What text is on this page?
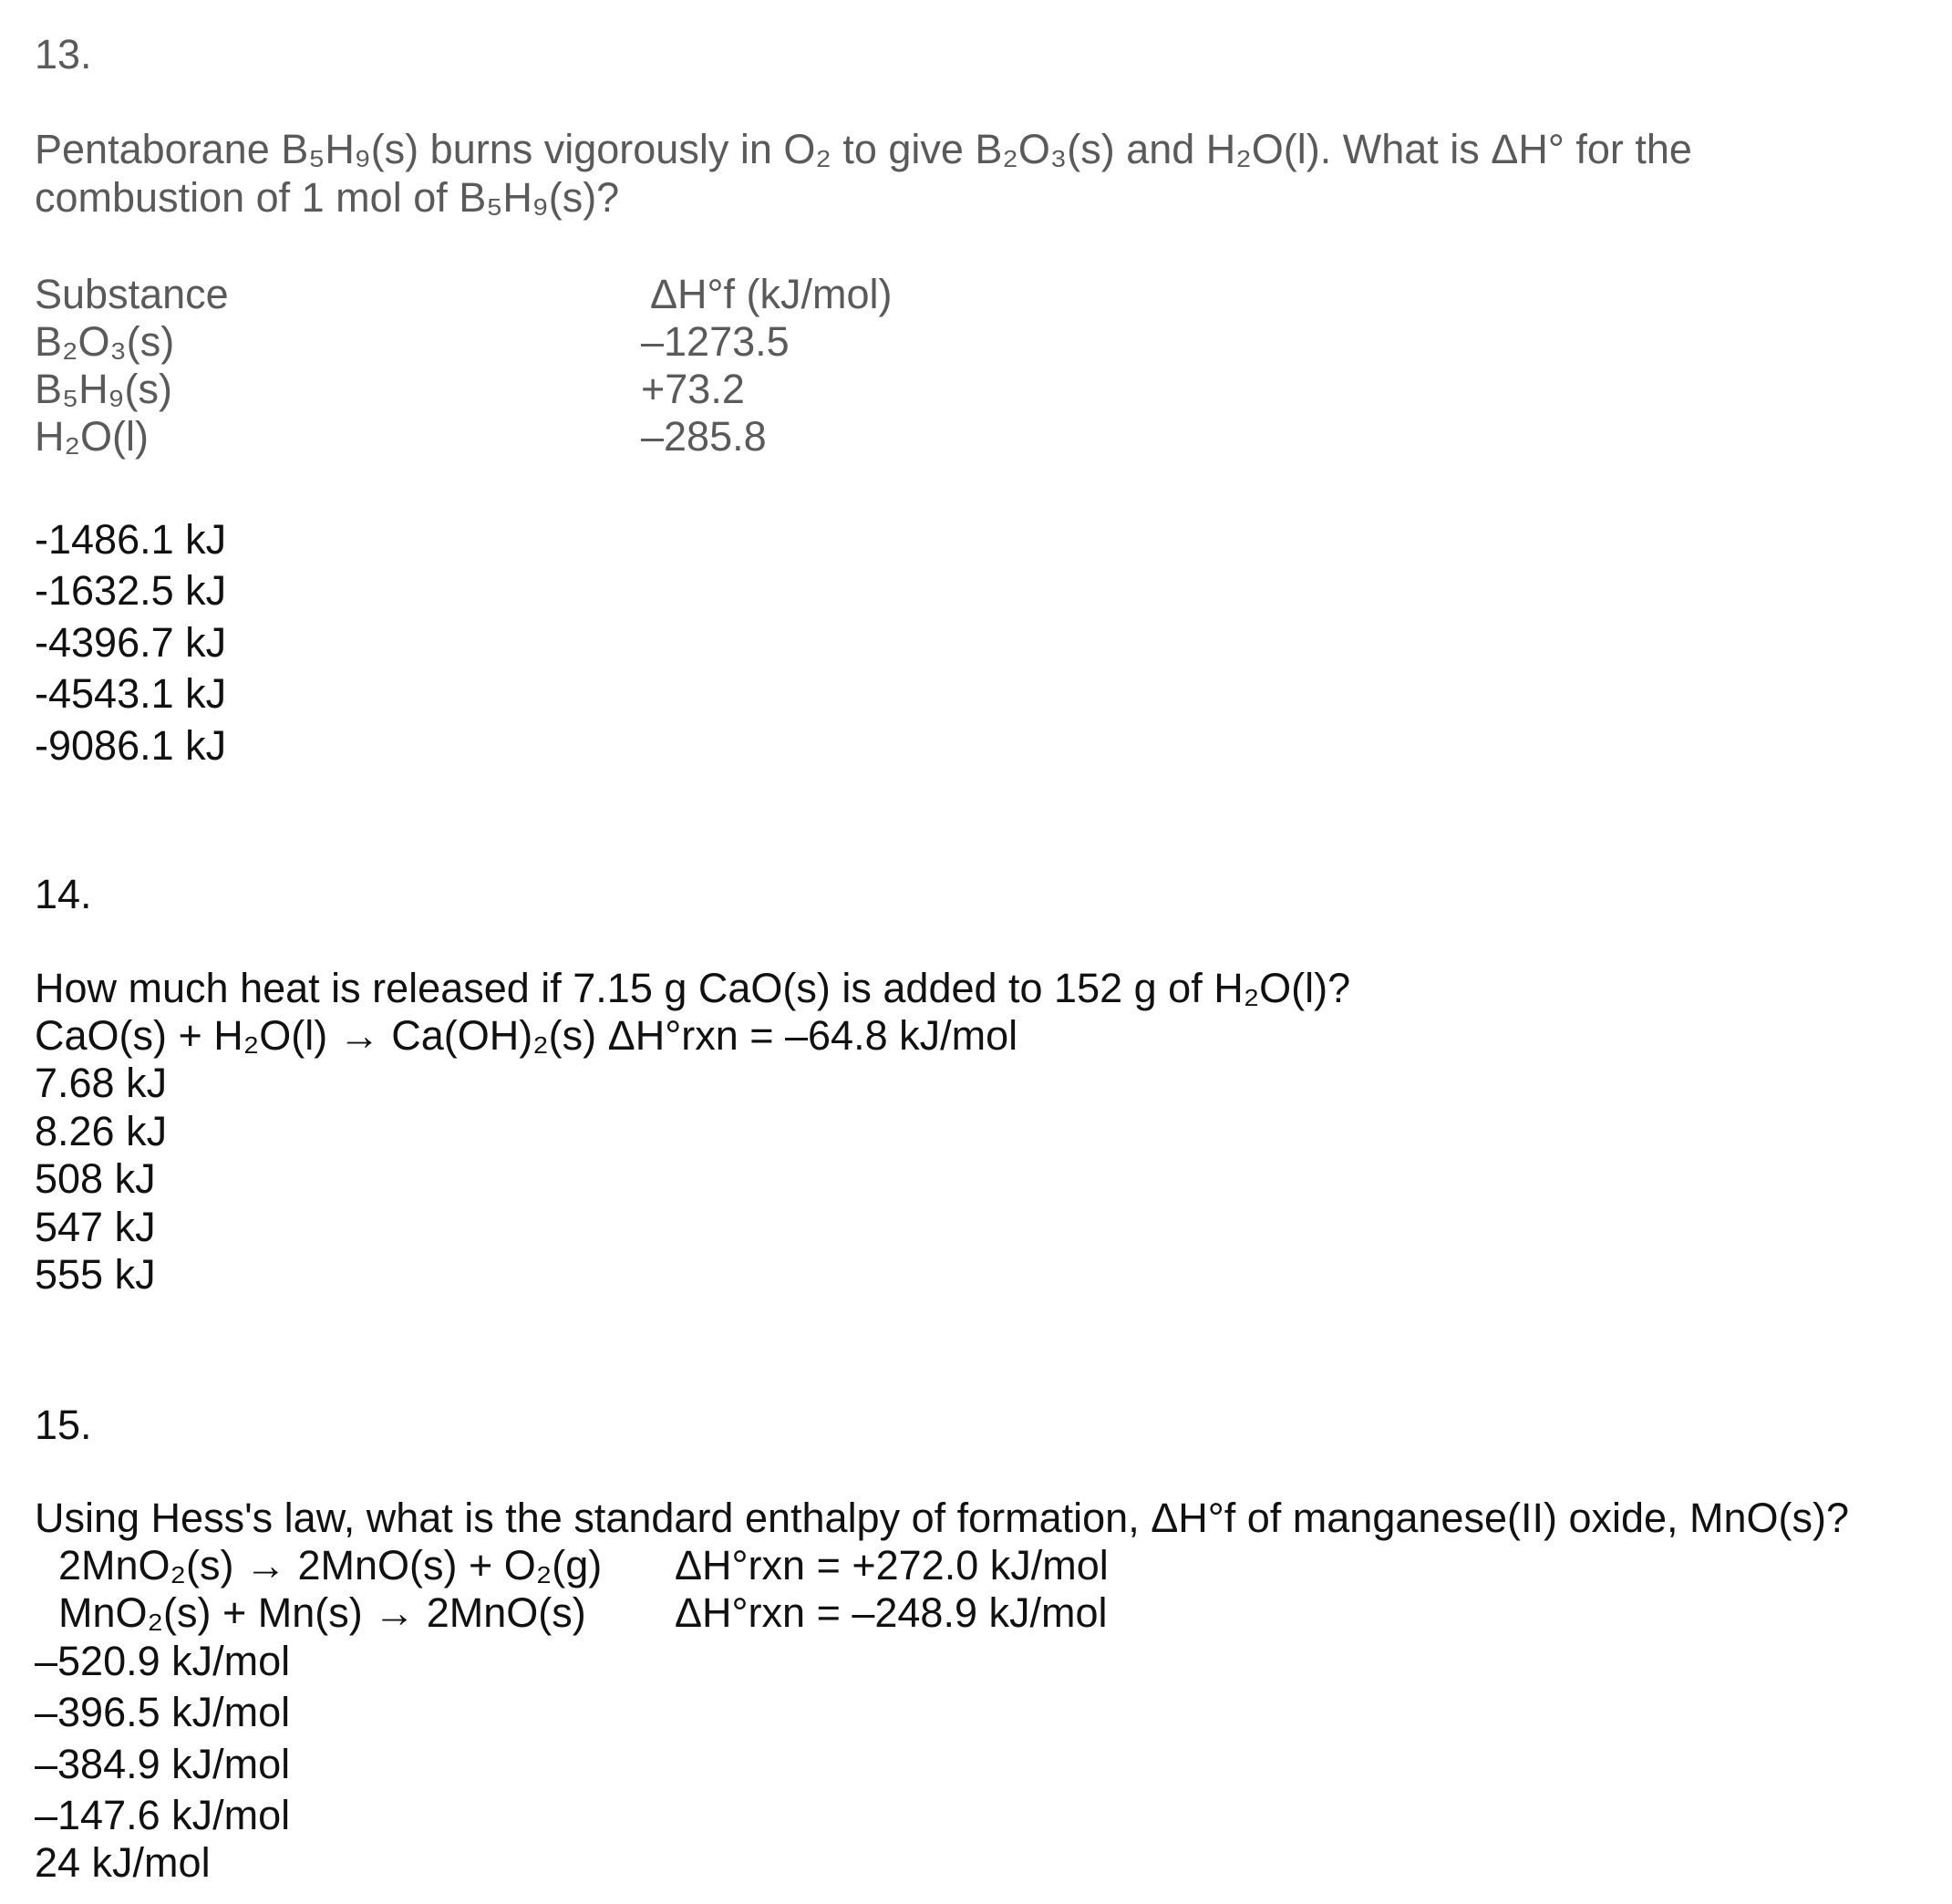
13.
Pentaborane B₅H₉(s) burns vigorously in O₂ to give B₂O₃(s) and H₂O(l). What is ΔH° for the
combustion of 1 mol of B₅H₉(s)?
Substance	ΔH°f (kJ/mol)
B₂O₃(s)	–1273.5
B₅H₉(s)	+73.2
H₂O(l)	–285.8
-1486.1 kJ
-1632.5 kJ
-4396.7 kJ
-4543.1 kJ
-9086.1 kJ
14.
How much heat is released if 7.15 g CaO(s) is added to 152 g of H₂O(l)?
CaO(s) + H₂O(l) → Ca(OH)₂(s) ΔH°rxn = –64.8 kJ/mol
7.68 kJ
8.26 kJ
508 kJ
547 kJ
555 kJ
15.
Using Hess's law, what is the standard enthalpy of formation, ΔH°f of manganese(II) oxide, MnO(s)?
2MnO₂(s) → 2MnO(s) + O₂(g) ΔH°rxn = +272.0 kJ/mol
MnO₂(s) + Mn(s) → 2MnO(s) ΔH°rxn = –248.9 kJ/mol
–520.9 kJ/mol
–396.5 kJ/mol
–384.9 kJ/mol
–147.6 kJ/mol
24 kJ/mol
